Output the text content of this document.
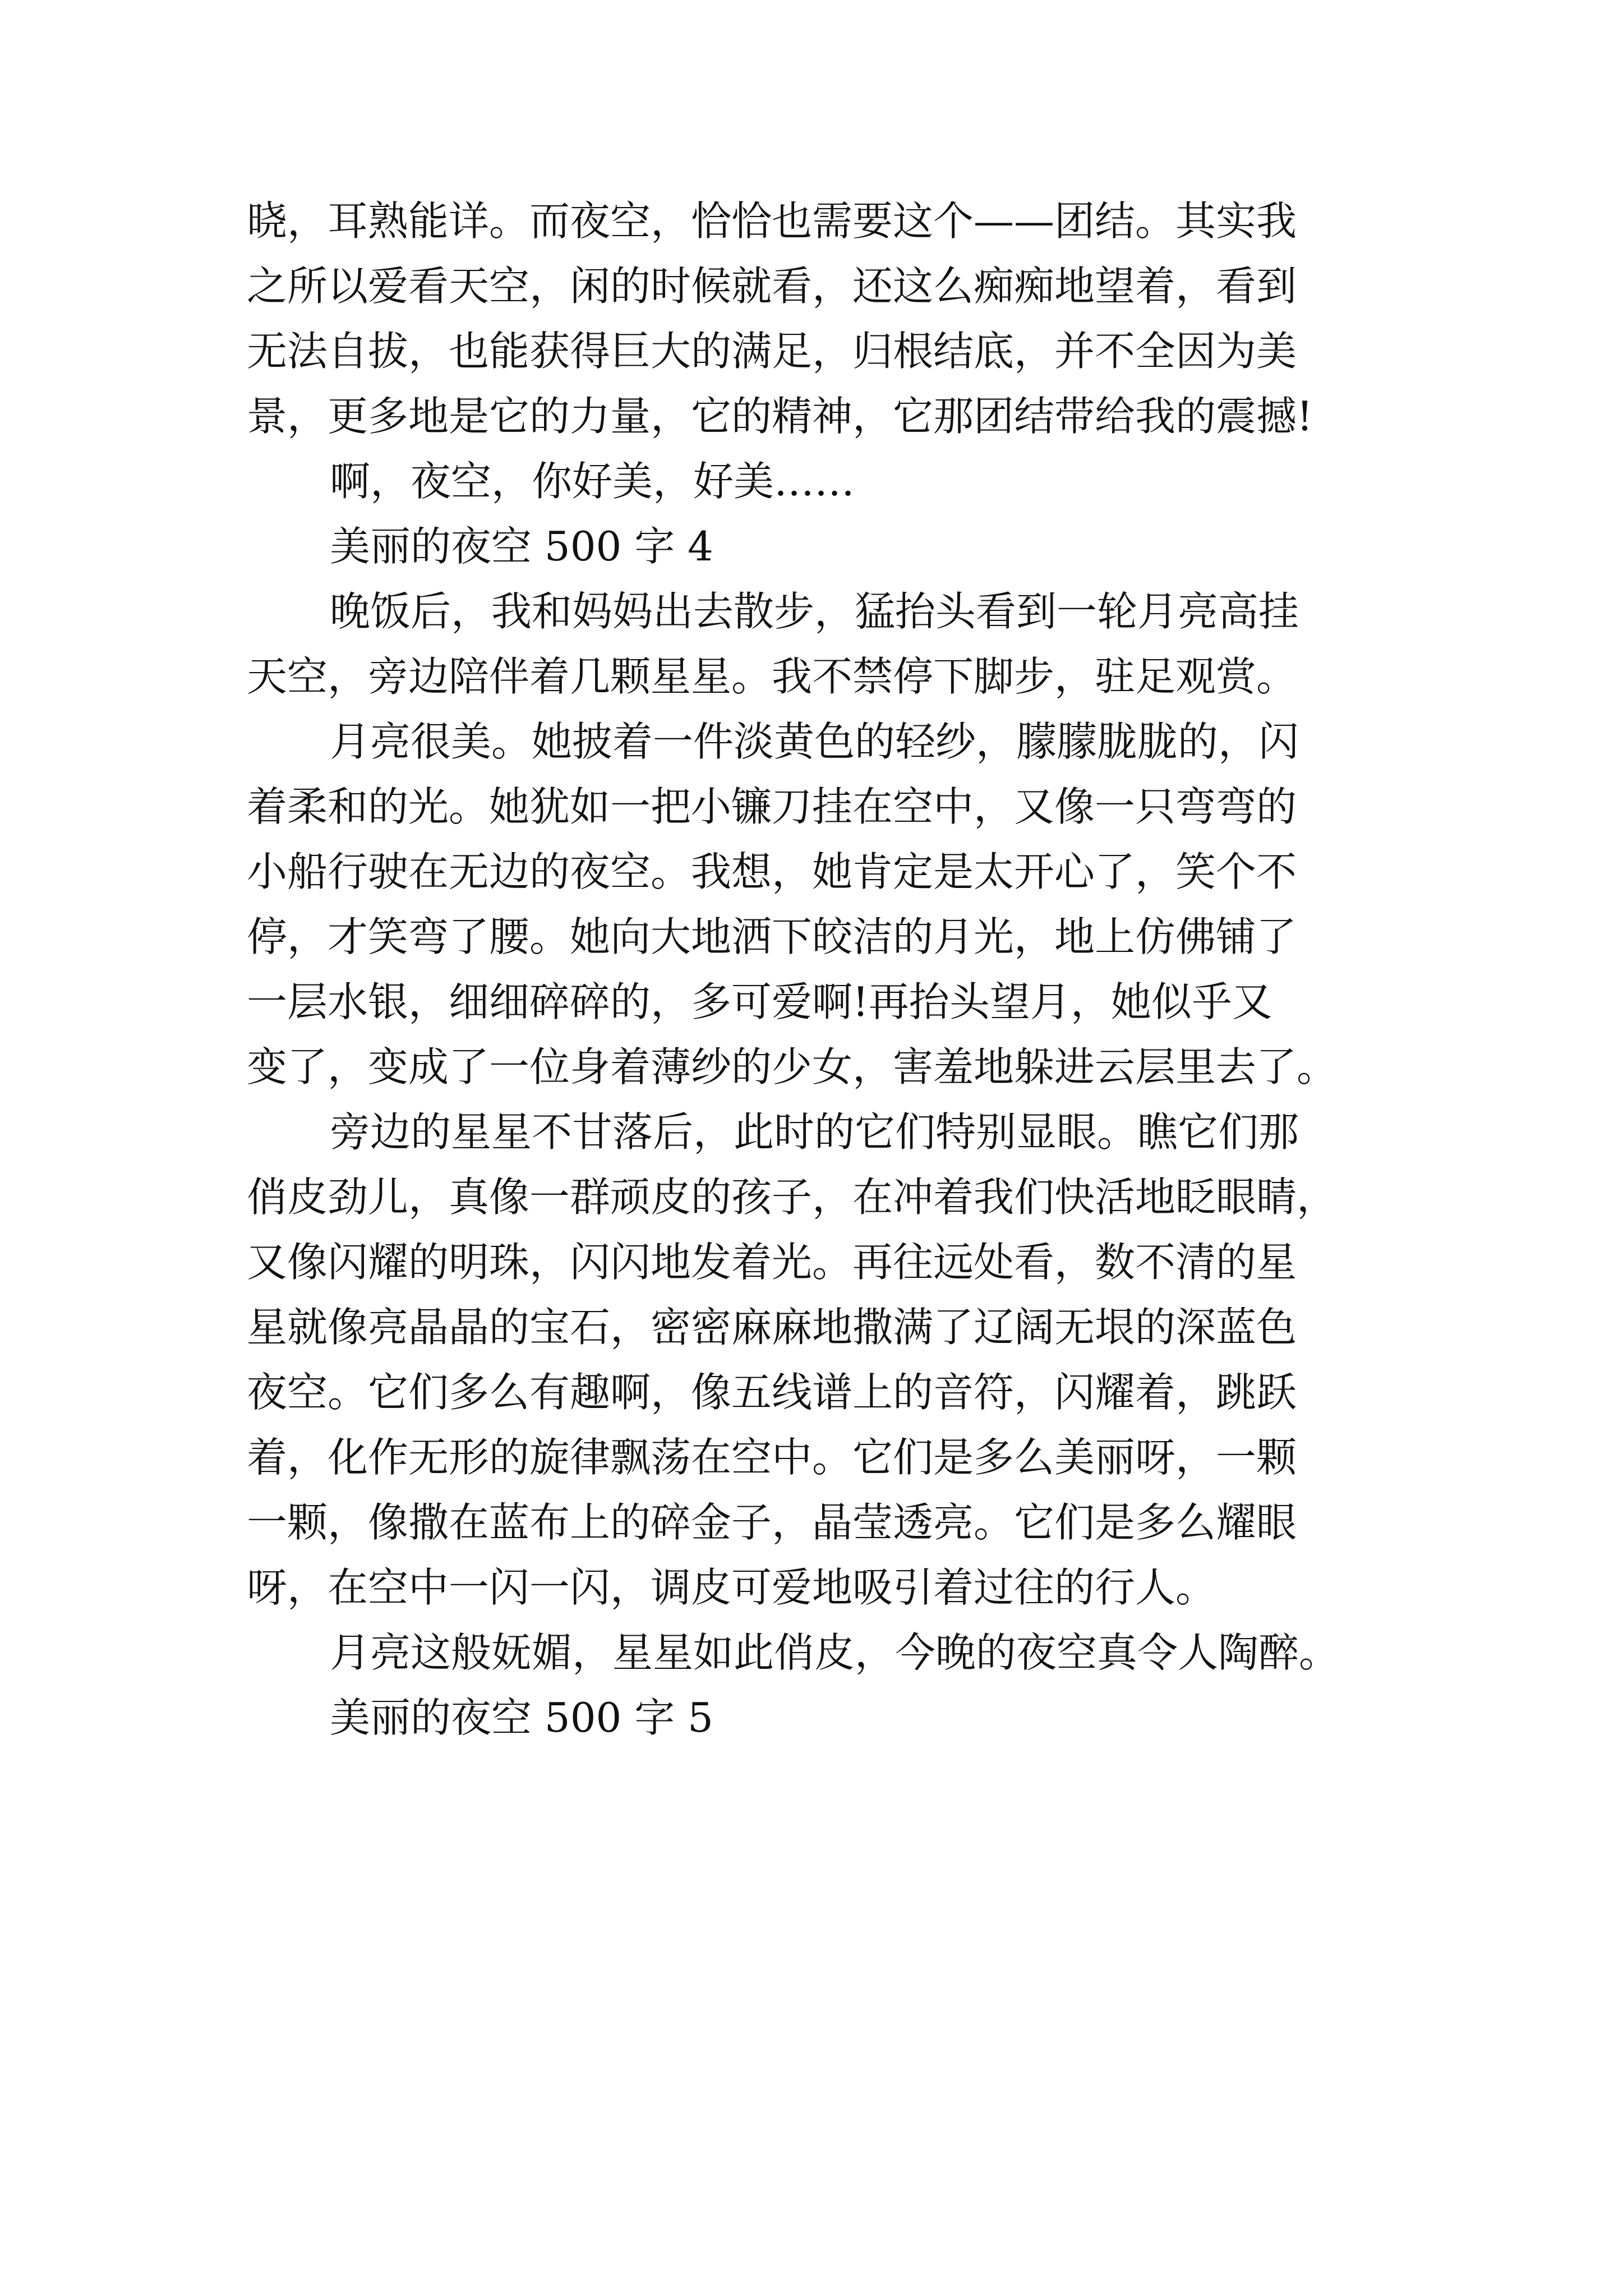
晓，耳熟能详。而夜空，恰恰也需要这个——团结。其实我
之所以爱看天空，闲的时候就看，还这么痴痴地望着，看到
无法自拔，也能获得巨大的满足，归根结底，并不全因为美
景，更多地是它的力量，它的精神，它那团结带给我的震撼!
啊，夜空，你好美，好美……
美丽的夜空 500 字 4
晚饭后，我和妈妈出去散步，猛抬头看到一轮月亮高挂
天空，旁边陪伴着几颗星星。我不禁停下脚步，驻足观赏。
月亮很美。她披着一件淡黄色的轻纱，朦朦胧胧的，闪
着柔和的光。她犹如一把小镰刀挂在空中，又像一只弯弯的
小船行驶在无边的夜空。我想，她肯定是太开心了，笑个不
停，才笑弯了腰。她向大地洒下皎洁的月光，地上仿佛铺了
一层水银，细细碎碎的，多可爱啊!再抬头望月，她似乎又
变了，变成了一位身着薄纱的少女，害羞地躲进云层里去了。
旁边的星星不甘落后，此时的它们特别显眼。瞧它们那
俏皮劲儿，真像一群顽皮的孩子，在冲着我们快活地眨眼睛，
又像闪耀的明珠，闪闪地发着光。再往远处看，数不清的星
星就像亮晶晶的宝石，密密麻麻地撒满了辽阔无垠的深蓝色
夜空。它们多么有趣啊，像五线谱上的音符，闪耀着，跳跃
着，化作无形的旋律飘荡在空中。它们是多么美丽呀，一颗
一颗，像撒在蓝布上的碎金子，晶莹透亮。它们是多么耀眼
呀，在空中一闪一闪，调皮可爱地吸引着过往的行人。
月亮这般妩媚，星星如此俏皮，今晚的夜空真令人陶醉。
美丽的夜空 500 字 5
